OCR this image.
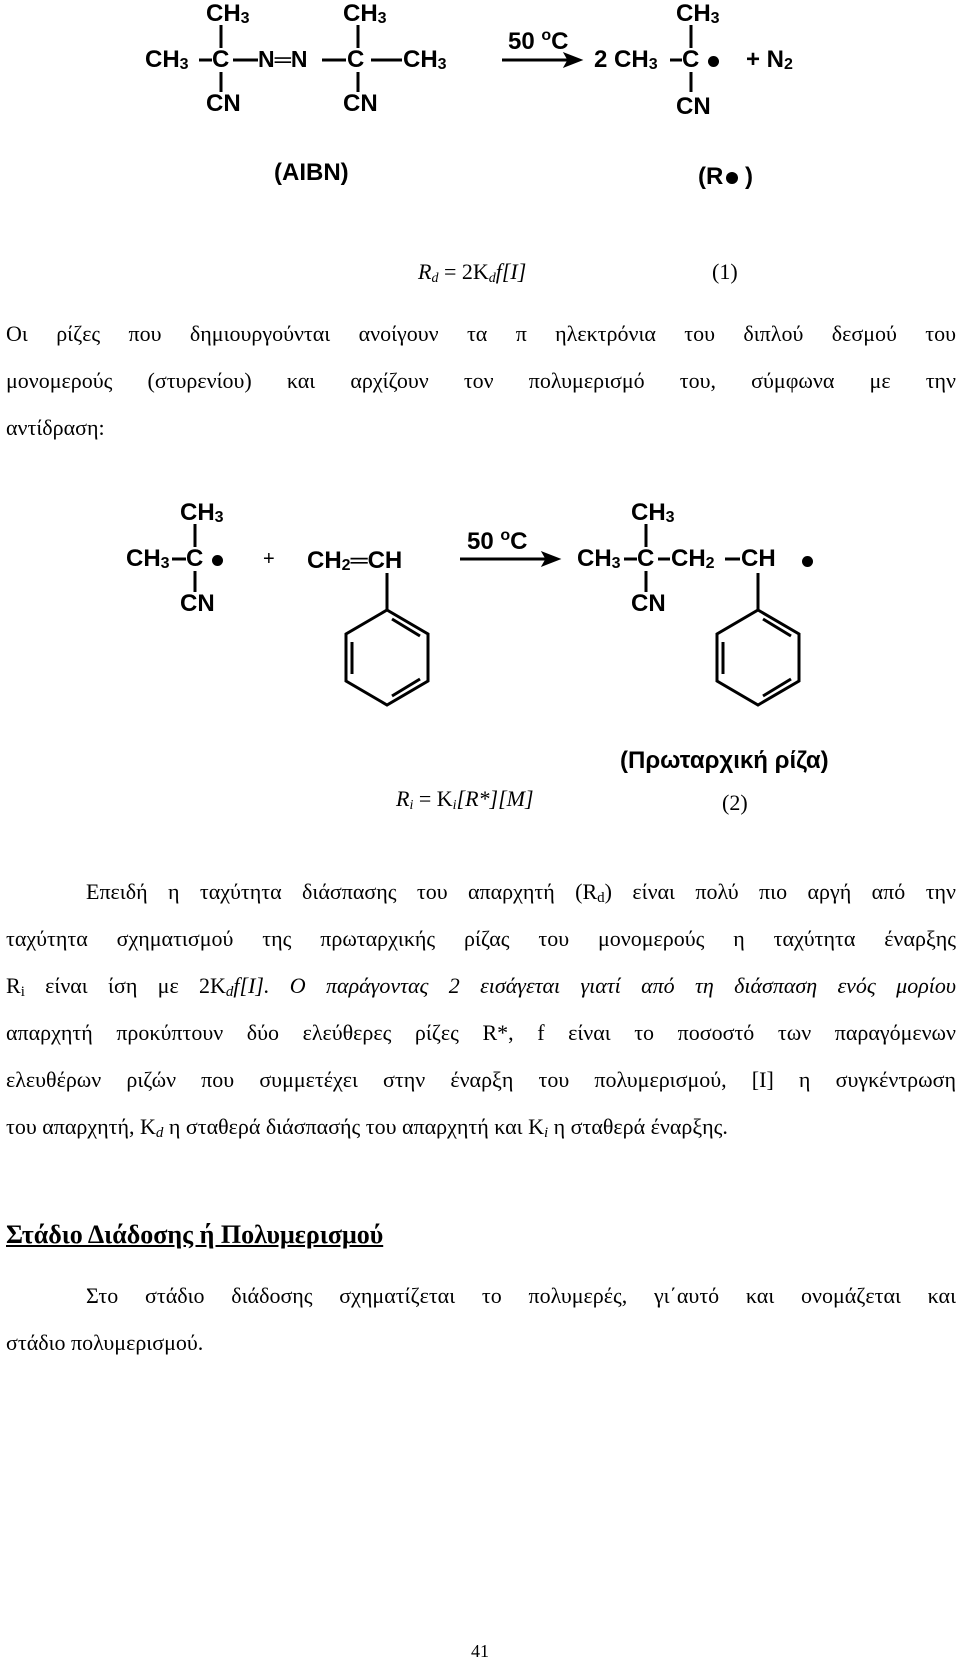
$CH_3$	$CH_3$
$CH_3$ C N═N C $CH_3$
CN	CN
50 $^o$C
$CH_3$
2 $CH_3$ $C + N_2$
CN
(AIBN)	(R )
$R_d = 2K_df[I]$	(1)
Οι ρίζες που δημιουργούνται ανοίγουν τα π ηλεκτρόνια του διπλού δεσμού του
μονομερούς (στυρενίου) και αρχίζουν τον πολυμερισμό του, σύμφωνα με την
αντίδραση:
$CH_3$
$CH_3$ C
CN
+ $CH_2═CH$
50 $^o$C
$CH_3$
$CH_3$ C $CH_2$ CH
CN
(Πρωταρχική ρίζα)
$R_i = K_i[R*][M]$	(2)
Επειδή η ταχύτητα διάσπασης του απαρχητή $(R_d)$ είναι πολύ πιο αργή από την
ταχύτητα σχηματισμού της πρωταρχικής ρίζας του μονομερούς η ταχύτητα έναρξης
$R_i$ είναι ίση με $2K_df[I]$. Ο παράγοντας 2 εισάγεται γιατί από τη διάσπαση ενός μορίου
απαρχητή προκύπτουν δύο ελεύθερες ρίζες R*, f είναι το ποσοστό των παραγόμενων
ελευθέρων ριζών που συμμετέχει στην έναρξη του πολυμερισμού, [I] η συγκέντρωση
του απαρχητή, $K_d$ η σταθερά διάσπασής του απαρχητή και $K_i$ η σταθερά έναρξης.
Στάδιο Διάδοσης ή Πολυμερισμού
Στο στάδιο διάδοσης σχηματίζεται το πολυμερές, γι΄αυτό και ονομάζεται και
στάδιο πολυμερισμού.
41
